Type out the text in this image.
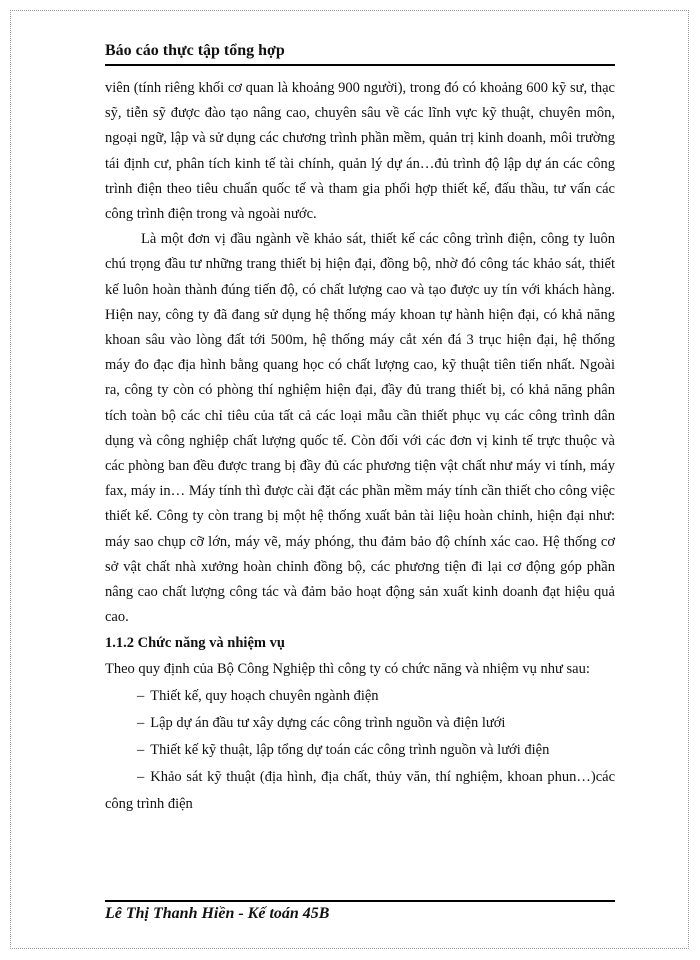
Báo cáo thực tập tổng hợp

viên (tính riêng khối cơ quan là khoảng 900 người), trong đó có khoảng 600 kỹ sư, thạc sỹ, tiễn sỹ được đào tạo nâng cao, chuyên sâu về các lĩnh vực kỹ thuật, chuyên môn, ngoại ngữ, lập và sử dụng các chương trình phần mềm, quản trị kinh doanh, môi trường tái định cư, phân tích kinh tế tài chính, quản lý dự án…đủ trình độ lập dự án các công trình điện theo tiêu chuẩn quốc tế và tham gia phối hợp thiết kế, đấu thầu, tư vấn các công trình điện trong và ngoài nước.

Là một đơn vị đầu ngành về khảo sát, thiết kế các công trình điện, công ty luôn chú trọng đầu tư những trang thiết bị hiện đại, đồng bộ, nhờ đó công tác khảo sát, thiết kế luôn hoàn thành đúng tiến độ, có chất lượng cao và tạo được uy tín với khách hàng. Hiện nay, công ty đã đang sử dụng hệ thống máy khoan tự hành hiện đại, có khả năng khoan sâu vào lòng đất tới 500m, hệ thống máy cắt xén đá 3 trục hiện đại, hệ thống máy đo đạc địa hình bằng quang học có chất lượng cao, kỹ thuật tiên tiến nhất. Ngoài ra, công ty còn có phòng thí nghiệm hiện đại, đầy đủ trang thiết bị, có khả năng phân tích toàn bộ các chỉ tiêu của tất cả các loại mẫu cần thiết phục vụ các công trình dân dụng và công nghiệp chất lượng quốc tế. Còn đối với các đơn vị kinh tế trực thuộc và các phòng ban đều được trang bị đầy đủ các phương tiện vật chất như máy vi tính, máy fax, máy in… Máy tính thì được cài đặt các phần mềm máy tính cần thiết cho công việc thiết kế. Công ty còn trang bị một hệ thống xuất bản tài liệu hoàn chỉnh, hiện đại như: máy sao chụp cỡ lớn, máy vẽ, máy phóng, thu đảm bảo độ chính xác cao. Hệ thống cơ sở vật chất nhà xưởng hoàn chỉnh đồng bộ, các phương tiện đi lại cơ động góp phần nâng cao chất lượng công tác và đảm bảo hoạt động sản xuất kinh doanh đạt hiệu quả cao.

1.1.2 Chức năng và nhiệm vụ

Theo quy định của Bộ Công Nghiệp thì công ty có chức năng và nhiệm vụ như sau:

– Thiết kế, quy hoạch chuyên ngành điện
– Lập dự án đầu tư xây dựng các công trình nguồn và điện lưới
– Thiết kế kỹ thuật, lập tổng dự toán các công trình nguồn và lưới điện
– Khảo sát kỹ thuật (địa hình, địa chất, thủy văn, thí nghiệm, khoan phun…)các công trình điện
Lê Thị Thanh Hiền - Kế toán 45B
